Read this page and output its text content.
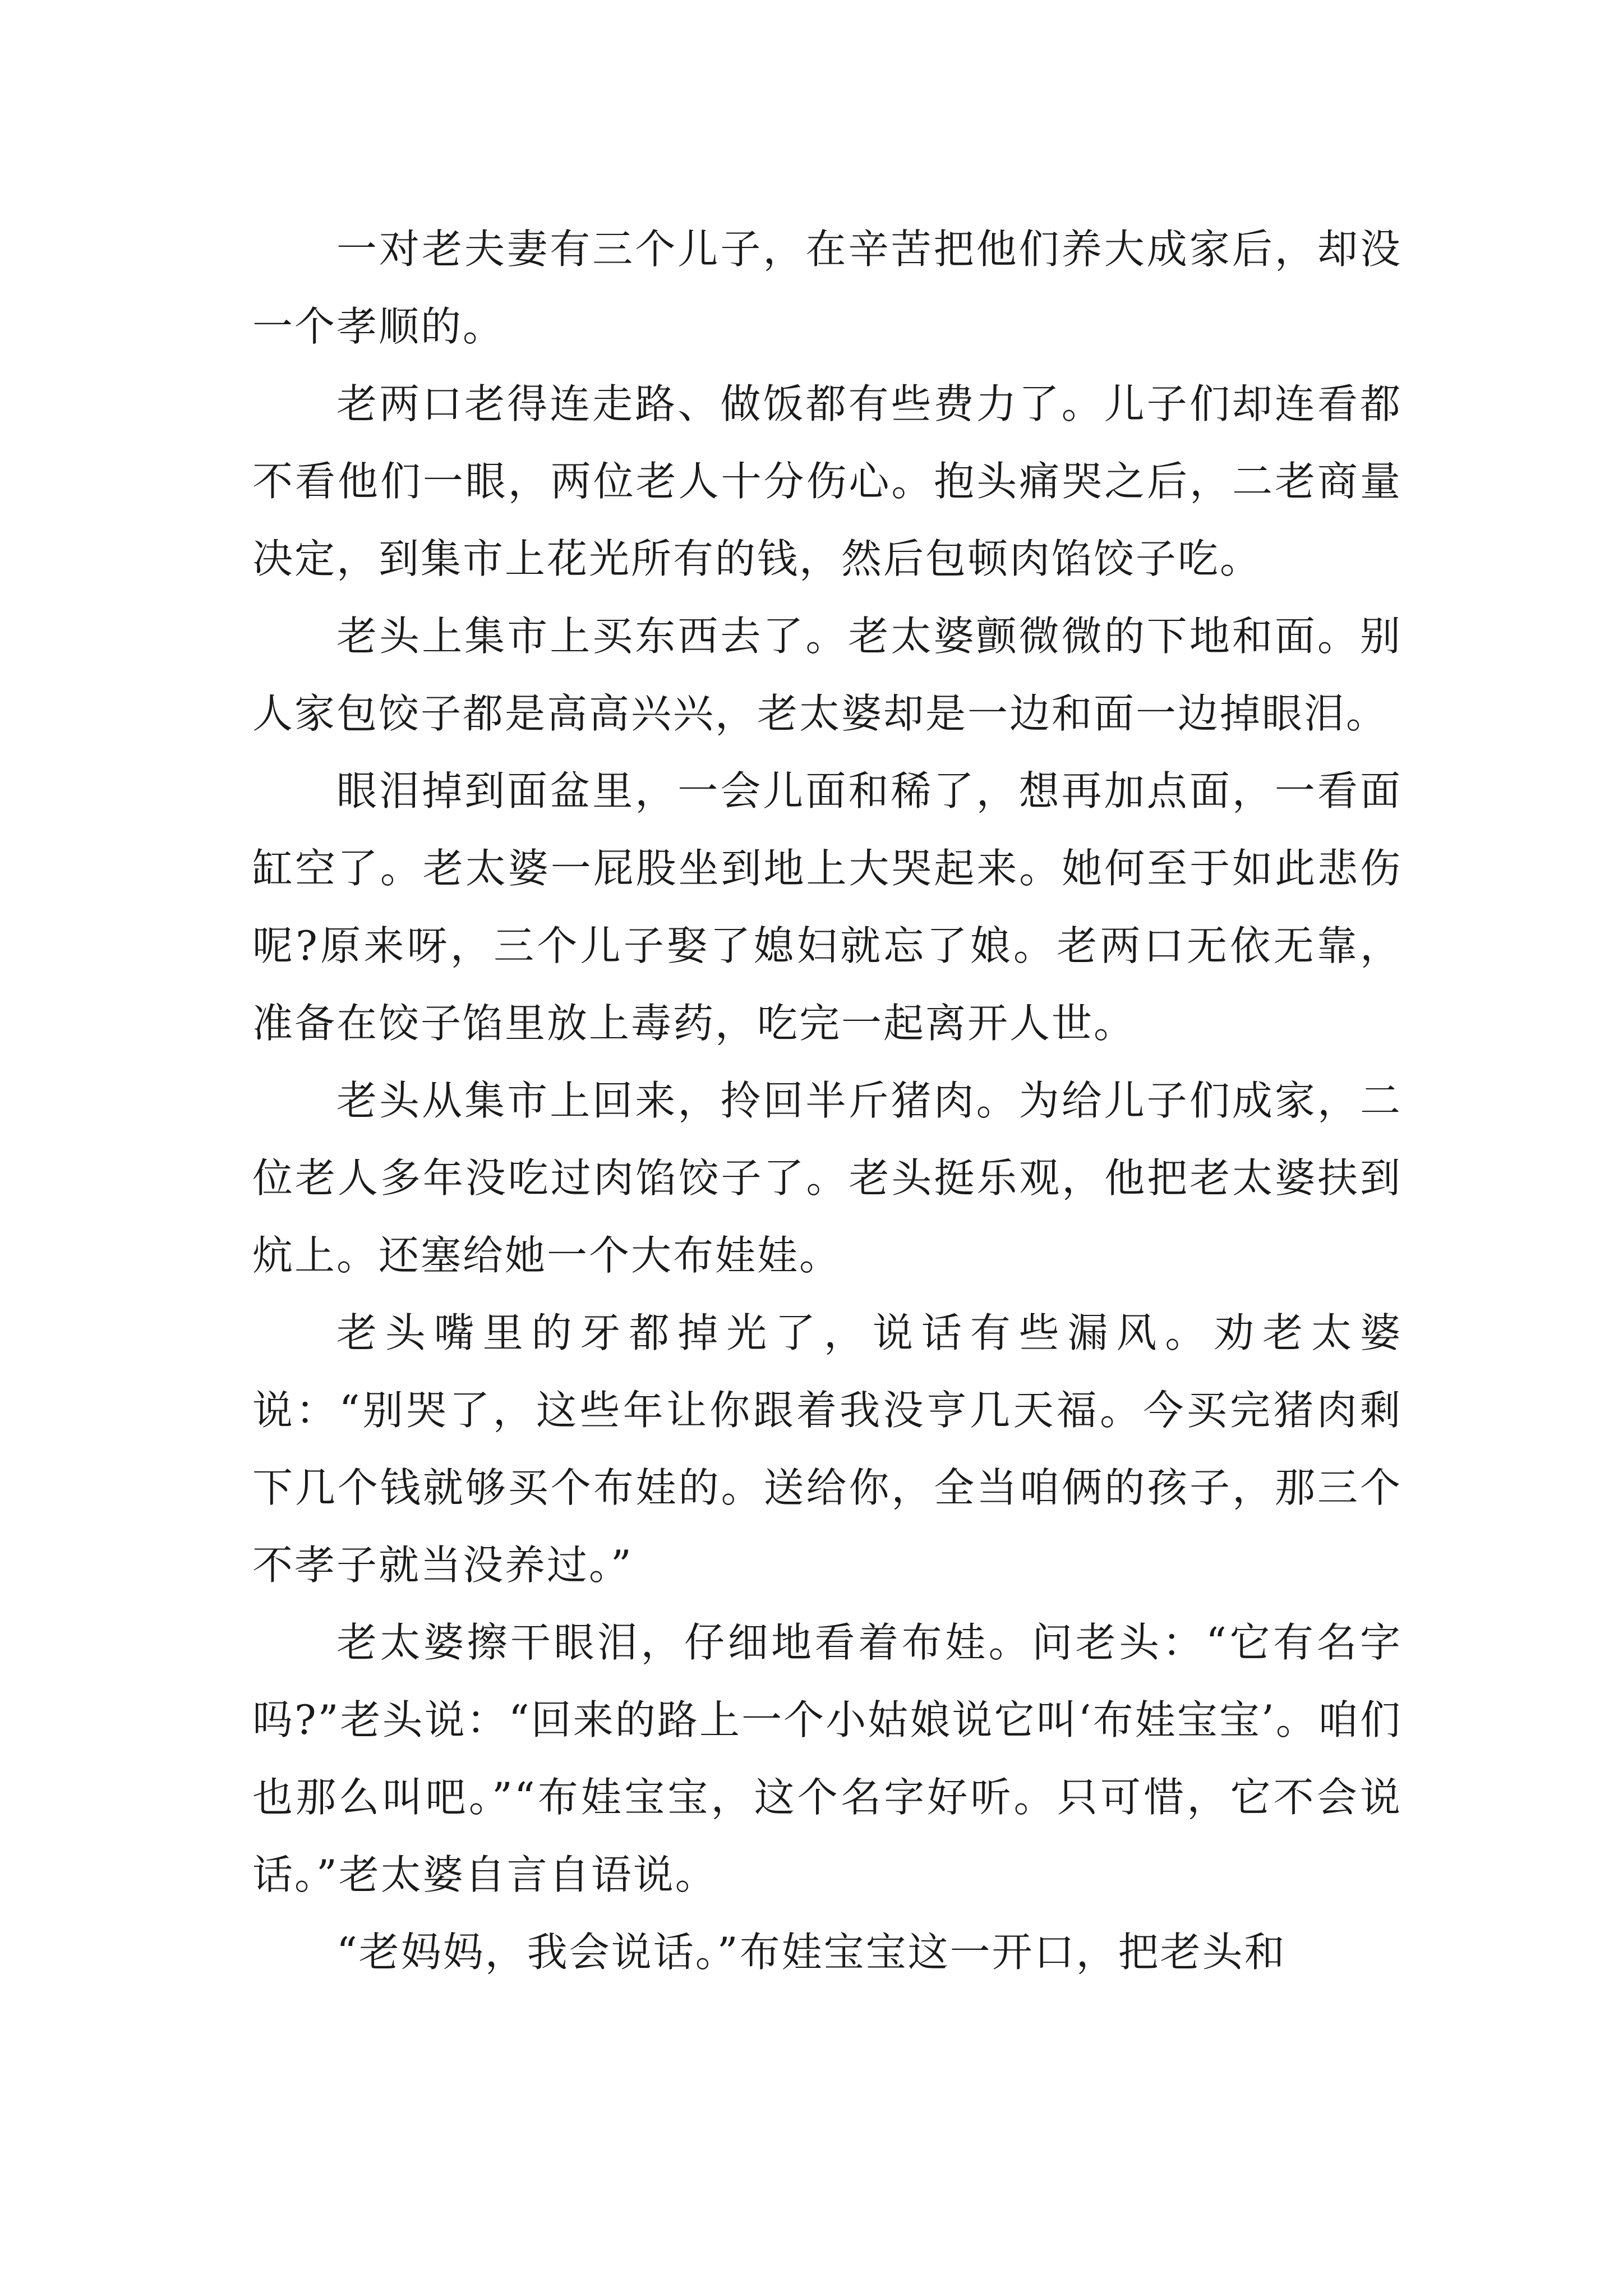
一对老夫妻有三个儿子，在辛苦把他们养大成家后，却没一个孝顺的。

老两口老得连走路、做饭都有些费力了。儿子们却连看都不看他们一眼，两位老人十分伤心。抱头痛哭之后，二老商量决定，到集市上花光所有的钱，然后包顿肉馅饺子吃。

老头上集市上买东西去了。老太婆颤微微的下地和面。别人家包饺子都是高高兴兴，老太婆却是一边和面一边掉眼泪。

眼泪掉到面盆里，一会儿面和稀了，想再加点面，一看面缸空了。老太婆一屁股坐到地上大哭起来。她何至于如此悲伤呢?原来呀，三个儿子娶了媳妇就忘了娘。老两口无依无靠，准备在饺子馅里放上毒药，吃完一起离开人世。

老头从集市上回来，拎回半斤猪肉。为给儿子们成家，二位老人多年没吃过肉馅饺子了。老头挺乐观，他把老太婆扶到炕上。还塞给她一个大布娃娃。

老头嘴里的牙都掉光了，说话有些漏风。劝老太婆说：“别哭了，这些年让你跟着我没亨几天福。今买完猪肉剩下几个钱就够买个布娃的。送给你，全当咱俩的孩子，那三个不孝子就当没养过。”

老太婆擦干眼泪，仔细地看着布娃。问老头：“它有名字吗?”老头说：“回来的路上一个小姑娘说它叫‘布娃宝宝’。咱们也那么叫吧。”“布娃宝宝，这个名字好听。只可惜，它不会说话。”老太婆自言自语说。

“老妈妈，我会说话。”布娃宝宝这一开口，把老头和
